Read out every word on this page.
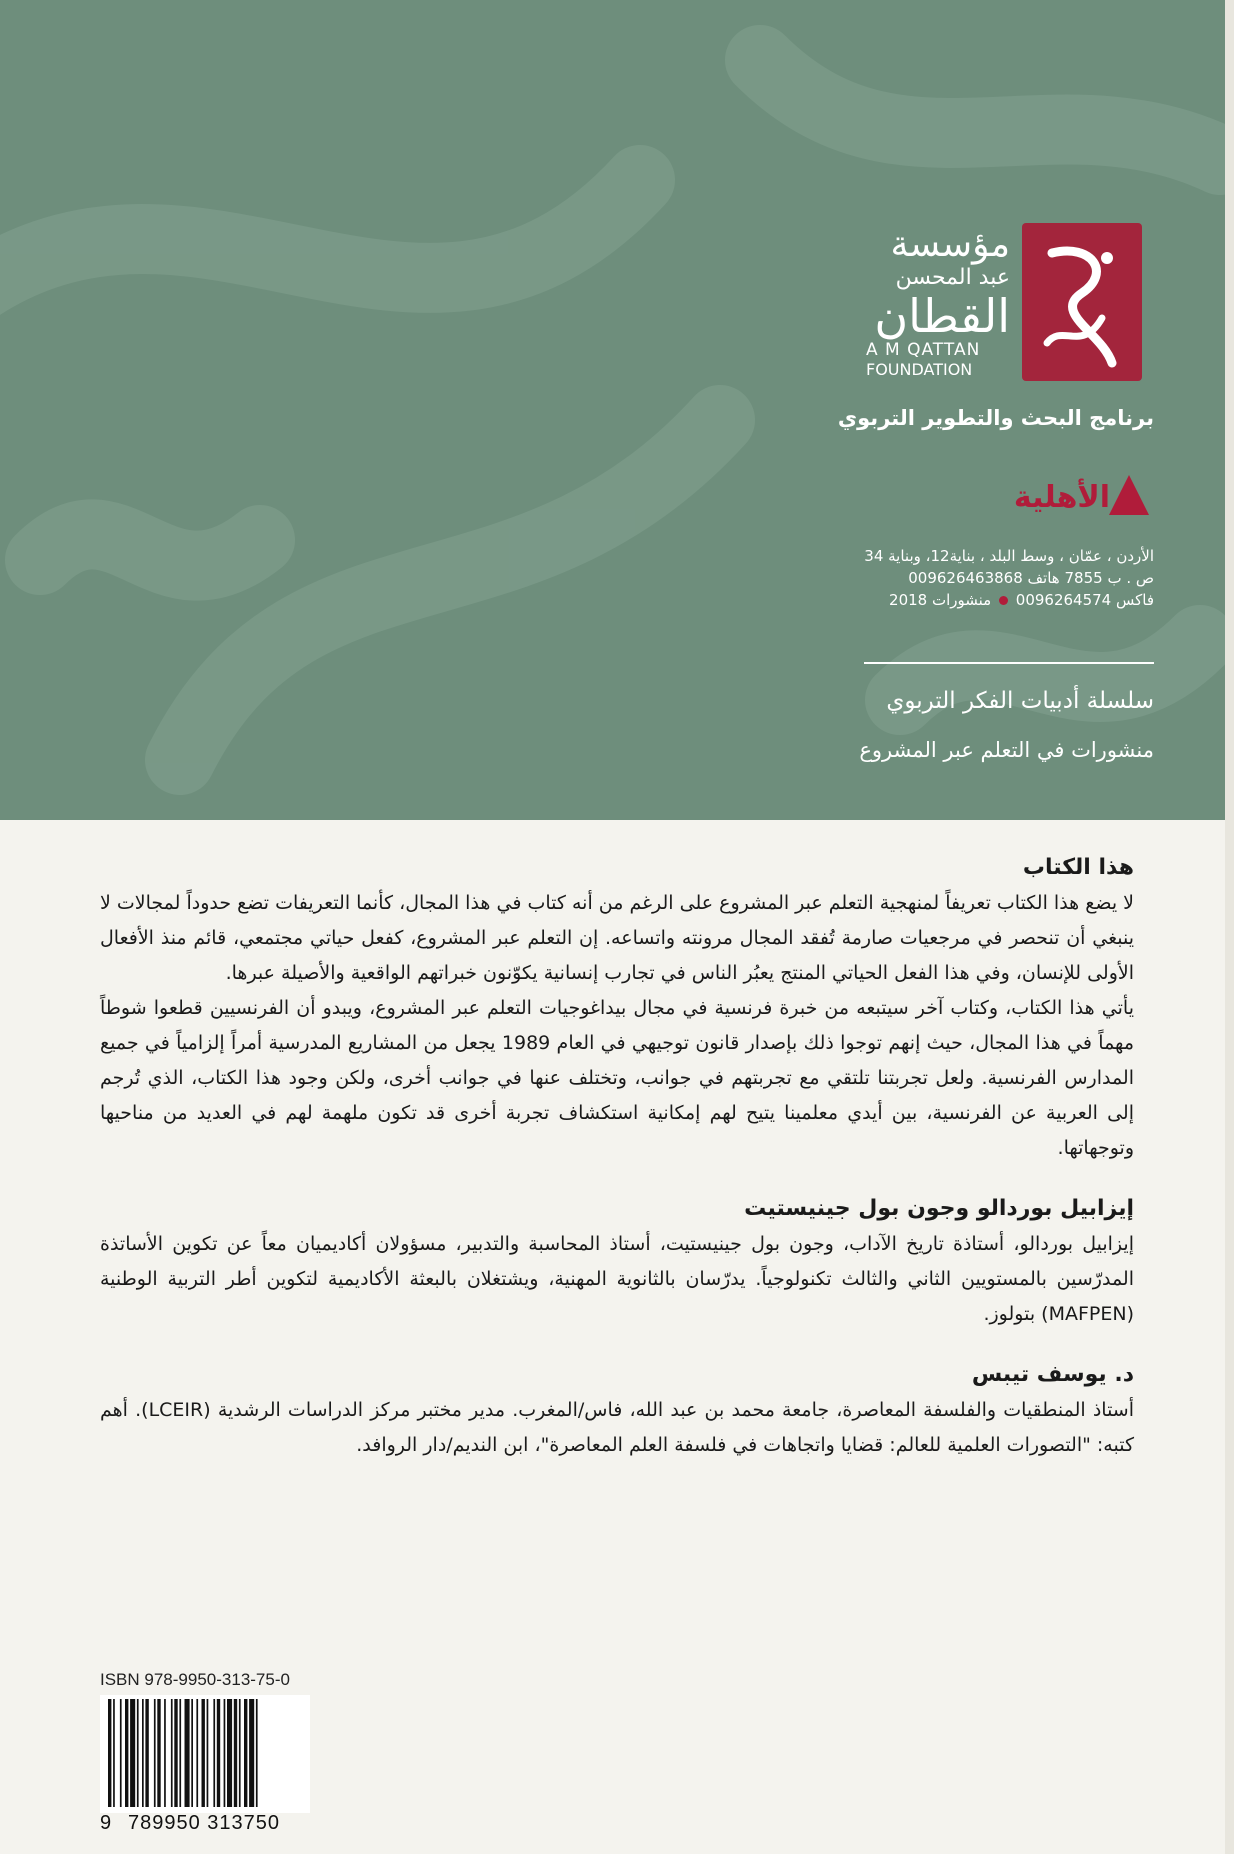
مؤسسة
عبد المحسن
القطان
A M QATTAN
FOUNDATION
برنامج البحث والتطوير التربوي
الأهلية
الأردن ، عمّان ، وسط البلد ، بناية12، وبناية 34
ص . ب 7855 هاتف 009626463868
فاكس 0096264574  منشورات 2018
سلسلة أدبيات الفكر التربوي
منشورات في التعلم عبر المشروع
هذا الكتاب

لا يضع هذا الكتاب تعريفاً لمنهجية التعلم عبر المشروع على الرغم من أنه كتاب في هذا المجال، كأنما التعريفات تضع حدوداً لمجالات لا ينبغي أن تنحصر في مرجعيات صارمة تُفقد المجال مرونته واتساعه. إن التعلم عبر المشروع، كفعل حياتي مجتمعي، قائم منذ الأفعال الأولى للإنسان، وفي هذا الفعل الحياتي المنتج يعبُر الناس في تجارب إنسانية يكوّنون خبراتهم الواقعية والأصيلة عبرها.

يأتي هذا الكتاب، وكتاب آخر سيتبعه من خبرة فرنسية في مجال بيداغوجيات التعلم عبر المشروع، ويبدو أن الفرنسيين قطعوا شوطاً مهماً في هذا المجال، حيث إنهم توجوا ذلك بإصدار قانون توجيهي في العام 1989 يجعل من المشاريع المدرسية أمراً إلزامياً في جميع المدارس الفرنسية. ولعل تجربتنا تلتقي مع تجربتهم في جوانب، وتختلف عنها في جوانب أخرى، ولكن وجود هذا الكتاب، الذي تُرجم إلى العربية عن الفرنسية، بين أيدي معلمينا يتيح لهم إمكانية استكشاف تجربة أخرى قد تكون ملهمة لهم في العديد من مناحيها وتوجهاتها.

إيزابيل بوردالو وجون بول جينيستيت

إيزابيل بوردالو، أستاذة تاريخ الآداب، وجون بول جينيستيت، أستاذ المحاسبة والتدبير، مسؤولان أكاديميان معاً عن تكوين الأساتذة المدرّسين بالمستويين الثاني والثالث تكنولوجياً. يدرّسان بالثانوية المهنية، ويشتغلان بالبعثة الأكاديمية لتكوين أطر التربية الوطنية (MAFPEN) بتولوز.

د. يوسف تيبس

أستاذ المنطقيات والفلسفة المعاصرة، جامعة محمد بن عبد الله، فاس/المغرب. مدير مختبر مركز الدراسات الرشدية (LCEIR). أهم كتبه: "التصورات العلمية للعالم: قضايا واتجاهات في فلسفة العلم المعاصرة"، ابن النديم/دار الروافد.

ISBN 978-9950-313-75-0
9 789950 313750
